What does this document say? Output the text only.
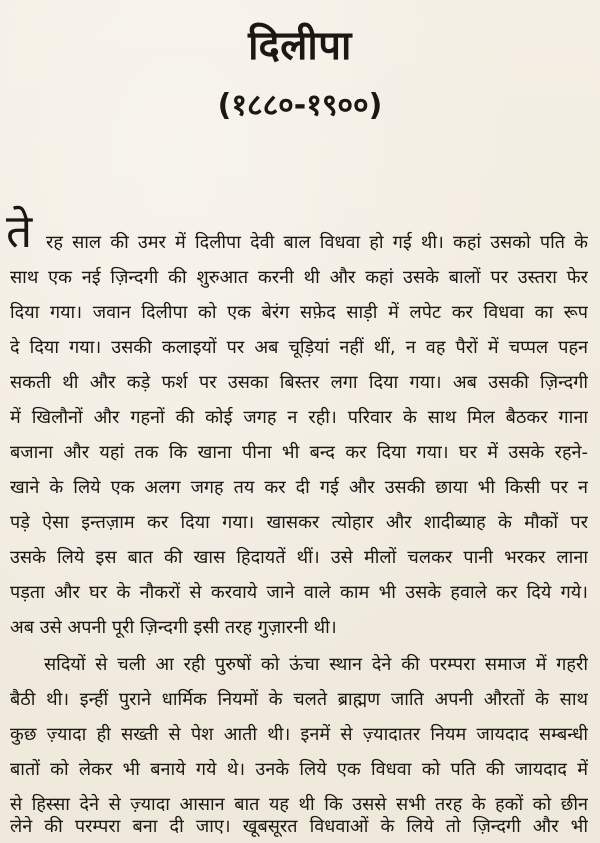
दिलीपा
(१८८०-१९००)
ते रह साल की उमर में दिलीपा देवी बाल विधवा हो गई थी। कहां उसको पति के
साथ एक नई ज़िन्दगी की शुरुआत करनी थी और कहां उसके बालों पर उस्तरा फेर
दिया गया। जवान दिलीपा को एक बेरंग सफ़ेद साड़ी में लपेट कर विधवा का रूप
दे दिया गया। उसकी कलाइयों पर अब चूड़ियां नहीं थीं, न वह पैरों में चप्पल पहन
सकती थी और कड़े फर्श पर उसका बिस्तर लगा दिया गया। अब उसकी ज़िन्दगी
में खिलौनों और गहनों की कोई जगह न रही। परिवार के साथ मिल बैठकर गाना
बजाना और यहां तक कि खाना पीना भी बन्द कर दिया गया। घर में उसके रहने-
खाने के लिये एक अलग जगह तय कर दी गई और उसकी छाया भी किसी पर न
पड़े ऐसा इन्तज़ाम कर दिया गया। खासकर त्योहार और शादीब्याह के मौकों पर
उसके लिये इस बात की खास हिदायतें थीं। उसे मीलों चलकर पानी भरकर लाना
पड़ता और घर के नौकरों से करवाये जाने वाले काम भी उसके हवाले कर दिये गये।
अब उसे अपनी पूरी ज़िन्दगी इसी तरह गुज़ारनी थी।
सदियों से चली आ रही पुरुषों को ऊंचा स्थान देने की परम्परा समाज में गहरी
बैठी थी। इन्हीं पुराने धार्मिक नियमों के चलते ब्राह्मण जाति अपनी औरतों के साथ
कुछ ज़्यादा ही सख्ती से पेश आती थी। इनमें से ज़्यादातर नियम जायदाद सम्बन्धी
बातों को लेकर भी बनाये गये थे। उनके लिये एक विधवा को पति की जायदाद में
से हिस्सा देने से ज़्यादा आसान बात यह थी कि उससे सभी तरह के हकों को छीन
लेने की परम्परा बना दी जाए। खूबसूरत विधवाओं के लिये तो ज़िन्दगी और भी
